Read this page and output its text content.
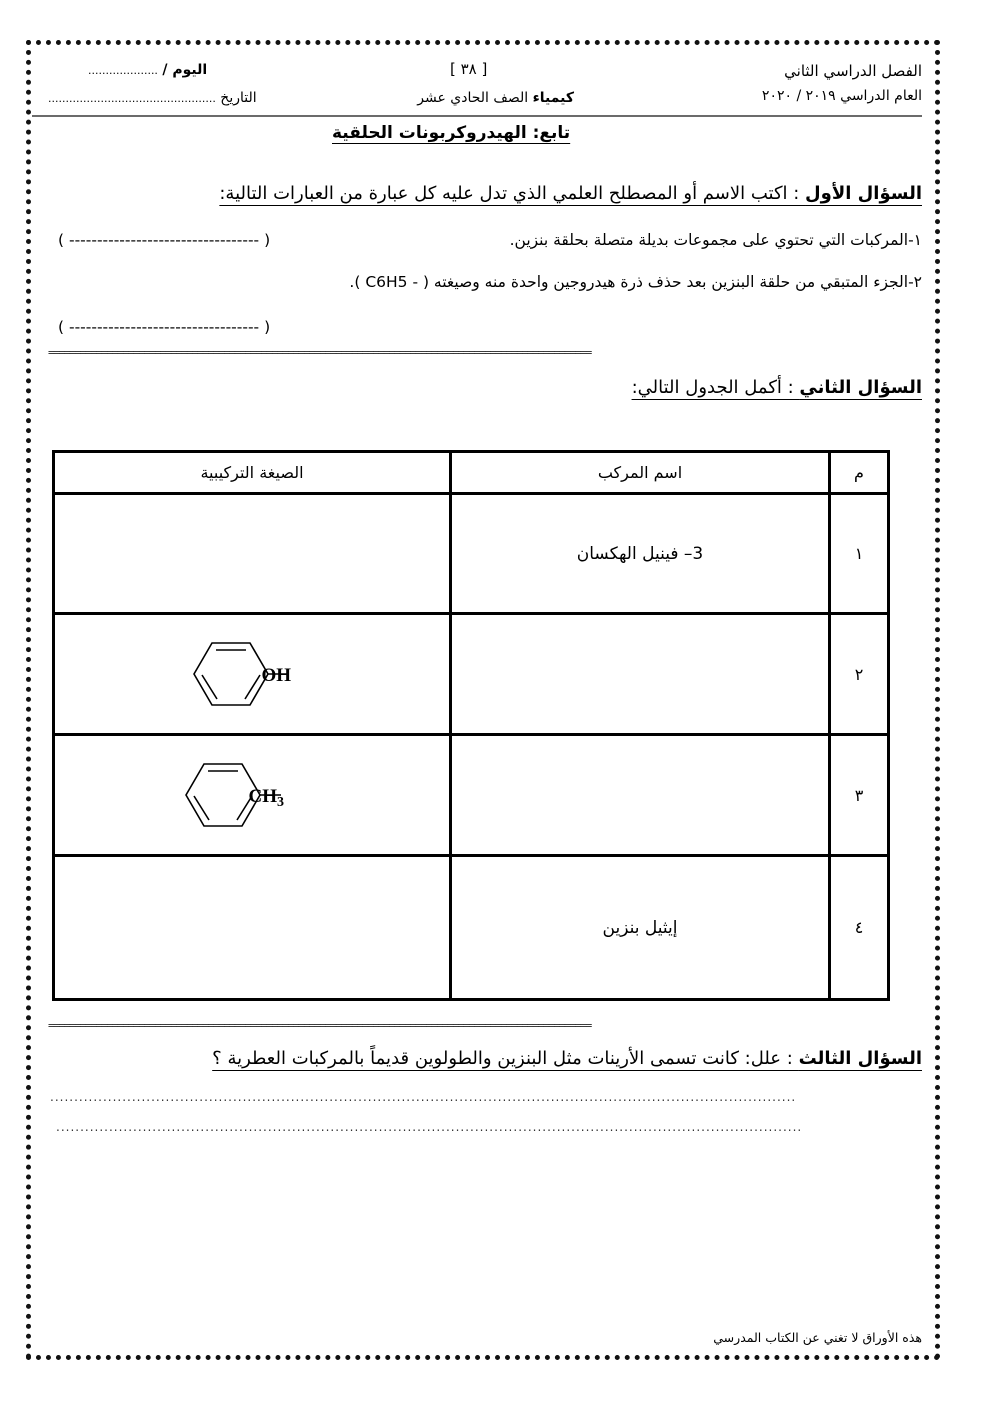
الفصل الدراسي الثاني
العام الدراسي ٢٠١٩ / ٢٠٢٠
[ ٣٨ ]
كيمياء الصف الحادي عشر
اليوم / ....................
التاريخ ................................................
تابع: الهيدروكربونات الحلقية
السؤال الأول : اكتب الاسم أو المصطلح العلمي الذي تدل عليه كل عبارة من العبارات التالية:
١-المركبات التي تحتوي على مجموعات بديلة متصلة بحلقة بنزين.
( ---------------------------------- )
٢-الجزء المتبقي من حلقة البنزين بعد حذف ذرة هيدروجين واحدة منه وصيغته ( - C6H5 ).
( ---------------------------------- )
======================================================================================================
السؤال الثاني : أكمل الجدول التالي:
م	اسم المركب	الصيغة التركيبية
١	3– فينيل الهكسان	
٢		OH

٣		$CH_3$

٤	إيثيل بنزين	
======================================================================================================
السؤال الثالث : علل: كانت تسمى الأرينات مثل البنزين والطولوين قديماً بالمركبات العطرية ؟
...........................................................................................................................................................
...........................................................................................................................................................
هذه الأوراق لا تغني عن الكتاب المدرسي
